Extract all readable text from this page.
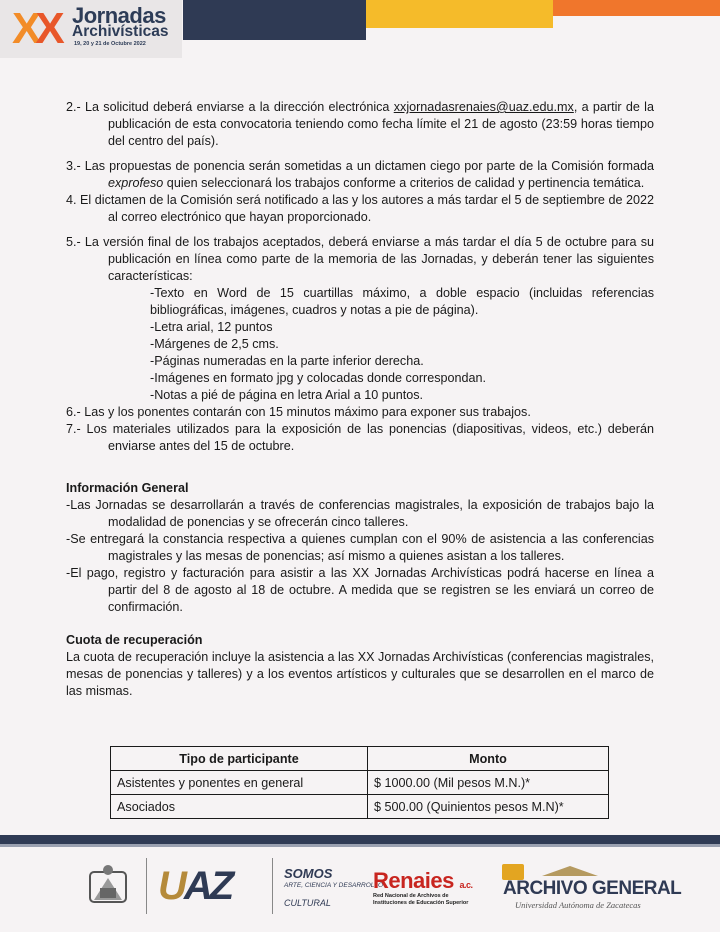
XX Jornadas
Archivísticas
19, 20 y 21 de Octubre 2022

2.- La solicitud deberá enviarse a la dirección electrónica xxjornadasrenaies@uaz.edu.mx, a partir de la publicación de esta convocatoria teniendo como fecha límite el 21 de agosto (23:59 horas tiempo del centro del país).

3.- Las propuestas de ponencia serán sometidas a un dictamen ciego por parte de la Comisión formada exprofeso quien seleccionará los trabajos conforme a criterios de calidad y pertinencia temática.

4. El dictamen de la Comisión será notificado a las y los autores a más tardar el 5 de septiembre de 2022 al correo electrónico que hayan proporcionado.

5.- La versión final de los trabajos aceptados, deberá enviarse a más tardar el día 5 de octubre para su publicación en línea como parte de la memoria de las Jornadas, y deberán tener las siguientes características:

-Texto en Word de 15 cuartillas máximo, a doble espacio (incluidas referencias bibliográficas, imágenes, cuadros y notas a pie de página).

-Letra arial, 12 puntos

-Márgenes de 2,5 cms.

-Páginas numeradas en la parte inferior derecha.

-Imágenes en formato jpg y colocadas donde correspondan.

-Notas a pié de página en letra Arial a 10 puntos.

6.- Las y los ponentes contarán con 15 minutos máximo para exponer sus trabajos.

7.- Los materiales utilizados para la exposición de las ponencias (diapositivas, videos, etc.) deberán enviarse antes del 15 de octubre.

Información General

-Las Jornadas se desarrollarán a través de conferencias magistrales, la exposición de trabajos bajo la modalidad de ponencias y se ofrecerán cinco talleres.

-Se entregará la constancia respectiva a quienes cumplan con el 90% de asistencia a las conferencias magistrales y las mesas de ponencias; así mismo a quienes asistan a los talleres.

-El pago, registro y facturación para asistir a las XX Jornadas Archivísticas podrá hacerse en línea a partir del 8 de agosto al 18 de octubre. A medida que se registren se les enviará un correo de confirmación.

Cuota de recuperación

La cuota de recuperación incluye la asistencia a las XX Jornadas Archivísticas (conferencias magistrales, mesas de ponencias y talleres) y a los eventos artísticos y culturales que se desarrollen en el marco de las mismas.

Tipo de participante	Monto
Asistentes y ponentes en general	$ 1000.00 (Mil pesos M.N.)*
Asociados	$ 500.00 (Quinientos pesos M.N)*
UAZ	SOMOS
ARTE, CIENCIA Y DESARROLLO
CULTURAL
Renaies a.c.
Red Nacional de Archivos de Instituciones de Educación Superior
ARCHIVO GENERAL
Universidad Autónoma de Zacatecas
